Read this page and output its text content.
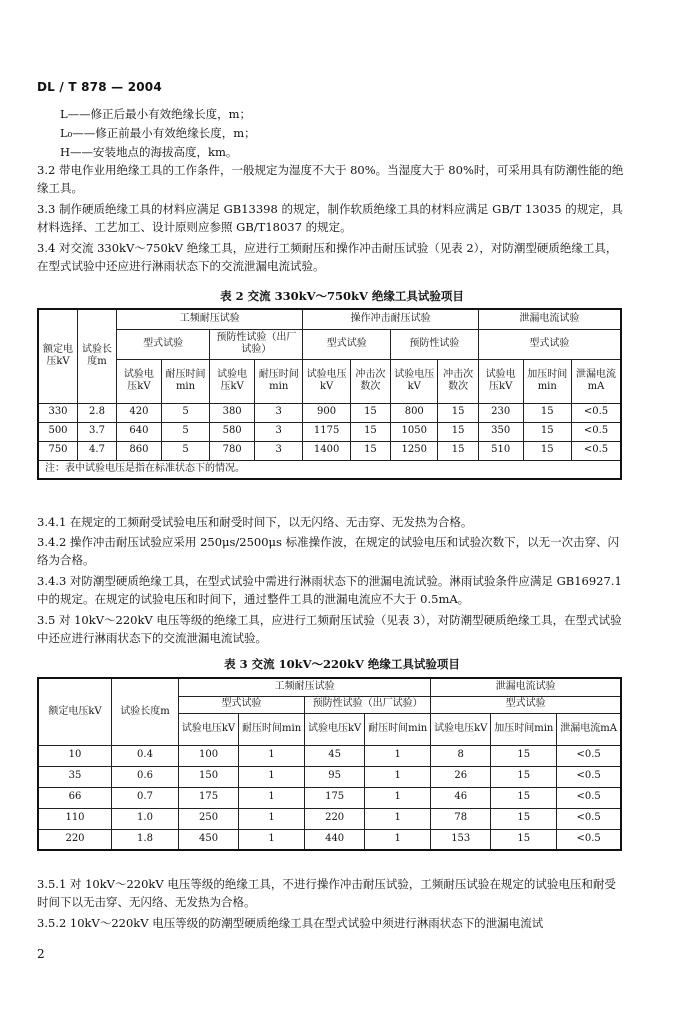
DL / T 878 — 2004
L——修正后最小有效绝缘长度，m；
L₀——修正前最小有效绝缘长度，m；
H——安装地点的海拔高度，km。

3.2 带电作业用绝缘工具的工作条件，一般规定为湿度不大于 80%。当湿度大于 80%时，可采用具有防潮性能的绝缘工具。

3.3 制作硬质绝缘工具的材料应满足 GB13398 的规定，制作软质绝缘工具的材料应满足 GB/T 13035 的规定，具材料选择、工艺加工、设计原则应参照 GB/T18037 的规定。

3.4 对交流 330kV～750kV 绝缘工具，应进行工频耐压和操作冲击耐压试验（见表 2），对防潮型硬质绝缘工具，在型式试验中还应进行淋雨状态下的交流泄漏电流试验。

表 2 交流 330kV～750kV 绝缘工具试验项目
额定电压kV	试验长度m	工频耐压试验				操作冲击耐压试验				泄漏电流试验		
		型式试验		预防性试验（出厂试验）		型式试验		预防性试验		型式试验		
		试验电压kV	耐压时间min	试验电压kV	耐压时间min	试验电压kV	冲击次数次	试验电压kV	冲击次数次	试验电压kV	加压时间min	泄漏电流mA
330	2.8	420	5	380	3	900	15	800	15	230	15	<0.5
500	3.7	640	5	580	3	1175	15	1050	15	350	15	<0.5
750	4.7	860	5	780	3	1400	15	1250	15	510	15	<0.5
注：表中试验电压是指在标准状态下的情况。												

3.4.1 在规定的工频耐受试验电压和耐受时间下，以无闪络、无击穿、无发热为合格。

3.4.2 操作冲击耐压试验应采用 250μs/2500μs 标准操作波，在规定的试验电压和试验次数下，以无一次击穿、闪络为合格。

3.4.3 对防潮型硬质绝缘工具，在型式试验中需进行淋雨状态下的泄漏电流试验。淋雨试验条件应满足 GB16927.1 中的规定。在规定的试验电压和时间下，通过整件工具的泄漏电流应不大于 0.5mA。

3.5 对 10kV～220kV 电压等级的绝缘工具，应进行工频耐压试验（见表 3），对防潮型硬质绝缘工具，在型式试验中还应进行淋雨状态下的交流泄漏电流试验。

表 3 交流 10kV～220kV 绝缘工具试验项目
额定电压kV	试验长度m	工频耐压试验				泄漏电流试验		
		型式试验		预防性试验（出厂试验）		型式试验		
		试验电压kV	耐压时间min	试验电压kV	耐压时间min	试验电压kV	加压时间min	泄漏电流mA
10	0.4	100	1	45	1	8	15	<0.5
35	0.6	150	1	95	1	26	15	<0.5
66	0.7	175	1	175	1	46	15	<0.5
110	1.0	250	1	220	1	78	15	<0.5
220	1.8	450	1	440	1	153	15	<0.5

3.5.1 对 10kV～220kV 电压等级的绝缘工具，不进行操作冲击耐压试验，工频耐压试验在规定的试验电压和耐受时间下以无击穿、无闪络、无发热为合格。

3.5.2 10kV～220kV 电压等级的防潮型硬质绝缘工具在型式试验中须进行淋雨状态下的泄漏电流试

2
